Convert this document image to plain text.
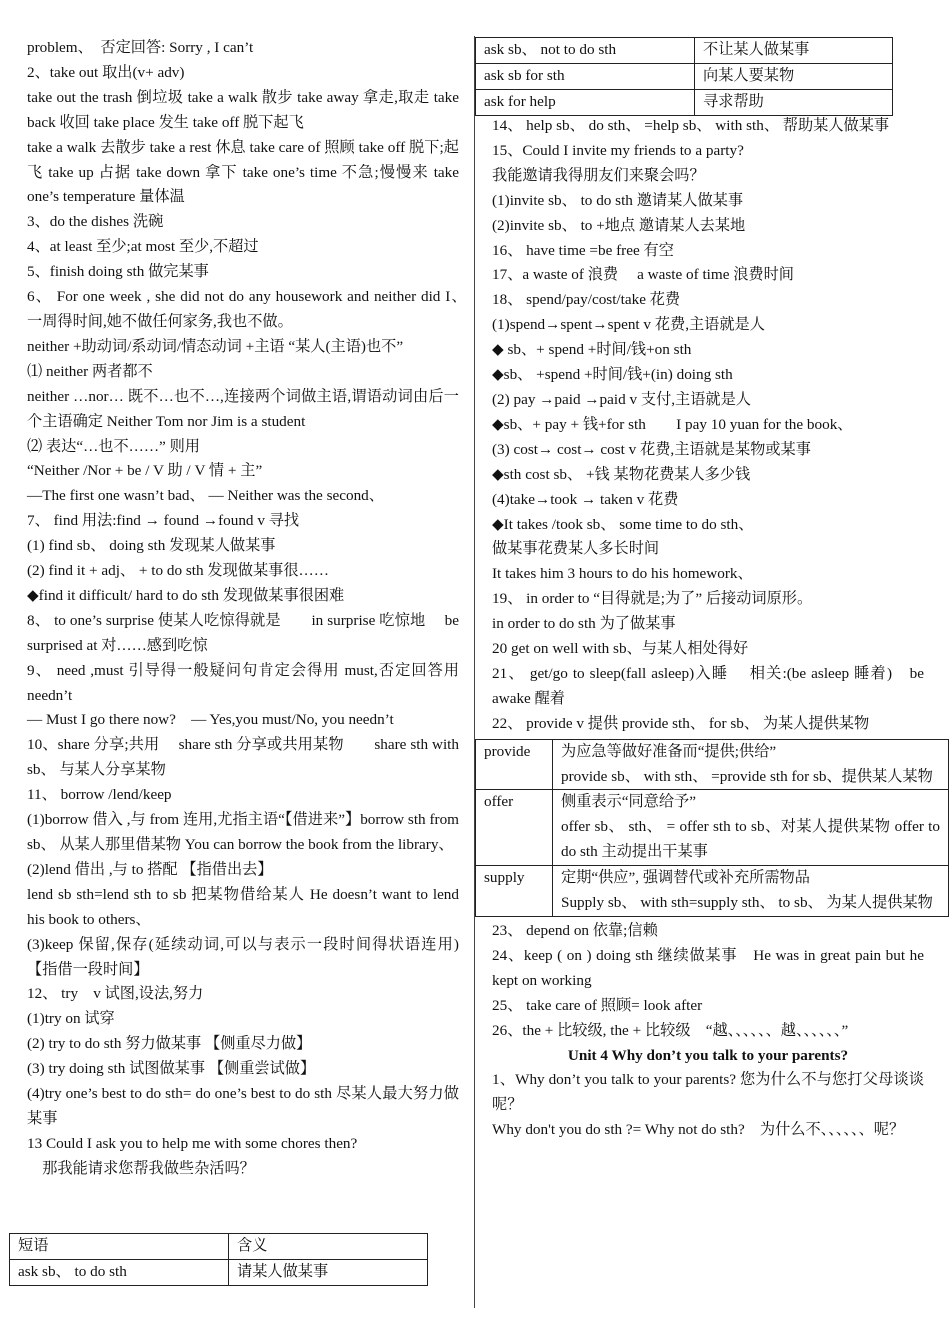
problem、　否定回答: Sorry , I can’t

2、take out 取出(v+ adv)

take out the trash 倒垃圾 take a walk 散步 take away 拿走,取走 take back 收回 take place 发生 take off 脱下起飞

take a walk 去散步 take a rest 休息 take care of 照顾 take off 脱下;起飞 take up 占据 take down 拿下 take one’s time 不急;慢慢来 take one’s temperature 量体温

3、do the dishes 洗碗

4、at least 至少;at most 至少,不超过

5、finish doing sth 做完某事

6、 For one week , she did not do any housework and neither did I、　一周得时间,她不做任何家务,我也不做。

neither +助动词/系动词/情态动词 +主语 “某人(主语)也不”

⑴ neither 两者都不

neither …nor… 既不…也不…,连接两个词做主语,谓语动词由后一个主语确定 Neither Tom nor Jim is a student

⑵ 表达“…也不……” 则用

“Neither /Nor + be / V 助 / V 情 + 主”

—The first one wasn’t bad、 — Neither was the second、

7、 find 用法:find → found →found v 寻找

(1) find sb、 doing sth 发现某人做某事

(2) find it + adj、 + to do sth 发现做某事很……

◆find it difficult/ hard to do sth 发现做某事很困难

8、 to one’s surprise 使某人吃惊得就是　　in surprise 吃惊地　 be surprised at 对……感到吃惊

9、 need ,must 引导得一般疑问句肯定会得用 must,否定回答用 needn’t

— Must I go there now?　— Yes,you must/No, you needn’t

10、share 分享;共用　 share sth 分享或共用某物　　share sth with sb、 与某人分享某物

11、 borrow /lend/keep

(1)borrow 借入 ,与 from 连用,尤指主语“【借进来”】borrow sth from sb、 从某人那里借某物 You can borrow the book from the library、

(2)lend 借出 ,与 to 搭配 【指借出去】

lend sb sth=lend sth to sb 把某物借给某人 He doesn’t want to lend his book to others、

(3)keep 保留,保存(延续动词,可以与表示一段时间得状语连用)【指借一段时间】

12、 try　v 试图,设法,努力

(1)try on 试穿

(2) try to do sth 努力做某事 【侧重尽力做】

(3) try doing sth 试图做某事 【侧重尝试做】

(4)try one’s best to do sth= do one’s best to do sth 尽某人最大努力做某事

13 Could I ask you to help me with some chores then?

　那我能请求您帮我做些杂活吗？

短语	含义
ask sb、 to do sth	请某人做某事
ask sb、 not to do sth	不让某人做某事
ask sb for sth	向某人要某物
ask for help	寻求帮助

14、 help sb、 do sth、 =help sb、 with sth、 帮助某人做某事

15、Could I invite my friends to a party?

我能邀请我得朋友们来聚会吗？

(1)invite sb、 to do sth 邀请某人做某事

(2)invite sb、 to +地点 邀请某人去某地

16、 have time =be free 有空

17、a waste of 浪费　 a waste of time 浪费时间

18、 spend/pay/cost/take 花费

(1)spend→spent→spent v 花费,主语就是人

◆ sb、+ spend +时间/钱+on sth

◆sb、 +spend +时间/钱+(in) doing sth

(2) pay →paid →paid v 支付,主语就是人

◆sb、+ pay + 钱+for sth　　I pay 10 yuan for the book、

(3) cost→ cost→ cost v 花费,主语就是某物或某事

◆sth cost sb、 +钱 某物花费某人多少钱

(4)take→took → taken v 花费

◆It takes /took sb、 some time to do sth、

做某事花费某人多长时间

It takes him 3 hours to do his homework、

19、 in order to “目得就是;为了” 后接动词原形。

in order to do sth 为了做某事

20 get on well with sb、与某人相处得好

21、 get/go to sleep(fall asleep)入睡　 相关:(be asleep 睡着)　be awake 醒着

22、 provide v 提供 provide sth、 for sb、 为某人提供某物

provide	为应急等做好准备而“提供;供给”
provide sb、 with sth、 =provide sth for sb、提供某人某物

offer	侧重表示“同意给予”
offer sb、 sth、 = offer sth to sb、对某人提供某物 offer to do sth 主动提出干某事

supply	定期“供应”, 强调替代或补充所需物品
Supply sb、 with sth=supply sth、 to sb、 为某人提供某物

23、 depend on 依靠;信赖

24、keep ( on ) doing sth 继续做某事　He was in great pain but he kept on working

25、 take care of 照顾= look after

26、the + 比较级, the + 比较级　“越、、、、、、越、、、、、、”

Unit 4 Why don’t you talk to your parents?

1、Why don’t you talk to your parents? 您为什么不与您打父母谈谈呢？

Why don't you do sth ?= Why not do sth?　为什么不、、、、、、呢？
